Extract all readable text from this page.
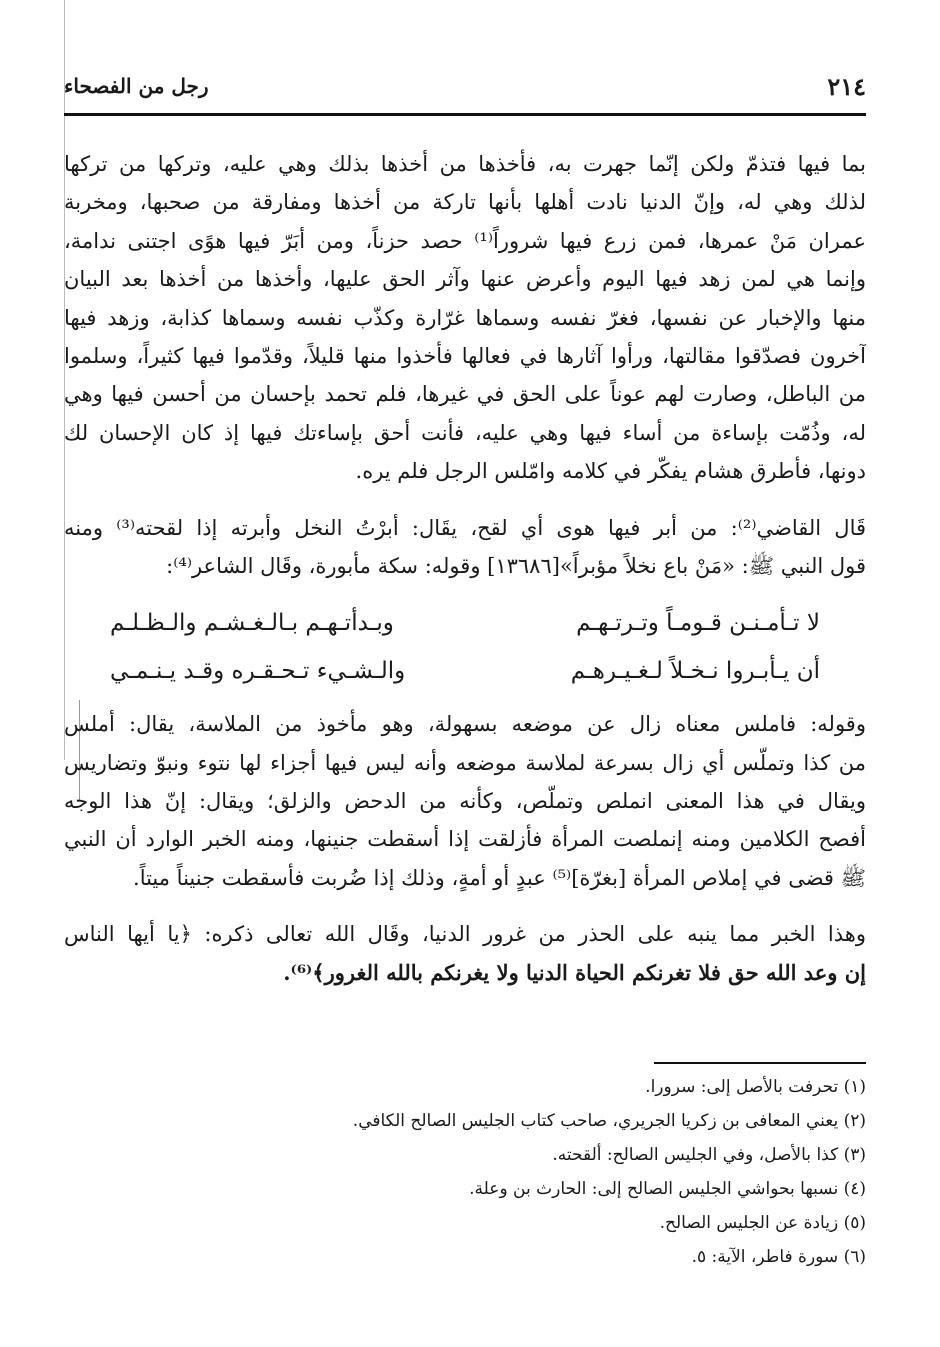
٢١٤
رجل من الفصحاء
بما فيها فتذمّ ولكن إنّما جهرت به، فأخذها من أخذها بذلك وهي عليه، وتركها من تركها
لذلك وهي له، وإنّ الدنيا نادت أهلها بأنها تاركة من أخذها ومفارقة من صحبها، ومخربة
عمران مَنْ عمرها، فمن زرع فيها شروراً⁽¹⁾ حصد حزناً، ومن أبَرّ فيها هوًى اجتنى ندامة،
وإنما هي لمن زهد فيها اليوم وأعرض عنها وآثر الحق عليها، وأخذها من أخذها بعد البيان
منها والإخبار عن نفسها، فغرّ نفسه وسماها غرّارة وكذّب نفسه وسماها كذابة، وزهد فيها
آخرون فصدّقوا مقالتها، ورأوا آثارها في فعالها فأخذوا منها قليلاً، وقدّموا فيها كثيراً، وسلموا
من الباطل، وصارت لهم عوناً على الحق في غيرها، فلم تحمد بإحسان من أحسن فيها وهي
له، وذُمّت بإساءة من أساء فيها وهي عليه، فأنت أحق بإساءتك فيها إذ كان الإحسان لك
دونها، فأطرق هشام يفكّر في كلامه وامّلس الرجل فلم يره.
قَال القاضي⁽²⁾: من أبر فيها هوى أي لقح، يقَال: أبرْتُ النخل وأبرته إذا لقحته⁽³⁾ ومنه
قول النبي ﷺ: «مَنْ باع نخلاً مؤبراً»[١٣٦٨٦] وقوله: سكة مأبورة، وقَال الشاعر⁽⁴⁾:
لا تـأمـنـن قـومـاً وتـرتـهـم
وبـدأتـهـم بـالـغـشـم والـظـلـم
أن يـأبـروا نـخـلاً لـغـيـرهـم
والـشـيء تـحـقـره وقـد يـنـمـي
وقوله: فاملس معناه زال عن موضعه بسهولة، وهو مأخوذ من الملاسة، يقال: أملس
من كذا وتملّس أي زال بسرعة لملاسة موضعه وأنه ليس فيها أجزاء لها نتوء ونبوّ وتضاريس
ويقال في هذا المعنى انملص وتملّص، وكأنه من الدحض والزلق؛ ويقال: إنّ هذا الوجه
أفصح الكلامين ومنه إنملصت المرأة فأزلقت إذا أسقطت جنينها، ومنه الخبر الوارد أن النبي
ﷺ قضى في إملاص المرأة [بغرّة]⁽⁵⁾ عبدٍ أو أمةٍ، وذلك إذا ضُربت فأسقطت جنيناً ميتاً.
وهذا الخبر مما ينبه على الحذر من غرور الدنيا، وقَال الله تعالى ذكره: ﴿يا أيها الناس
إن وعد الله حق فلا تغرنكم الحياة الدنيا ولا يغرنكم بالله الغرور﴾⁽⁶⁾.
(١) تحرفت بالأصل إلى: سرورا.
(٢) يعني المعافى بن زكريا الجريري، صاحب كتاب الجليس الصالح الكافي.
(٣) كذا بالأصل، وفي الجليس الصالح: ألقحته.
(٤) نسبها بحواشي الجليس الصالح إلى: الحارث بن وعلة.
(٥) زيادة عن الجليس الصالح.
(٦) سورة فاطر، الآية: ٥.
